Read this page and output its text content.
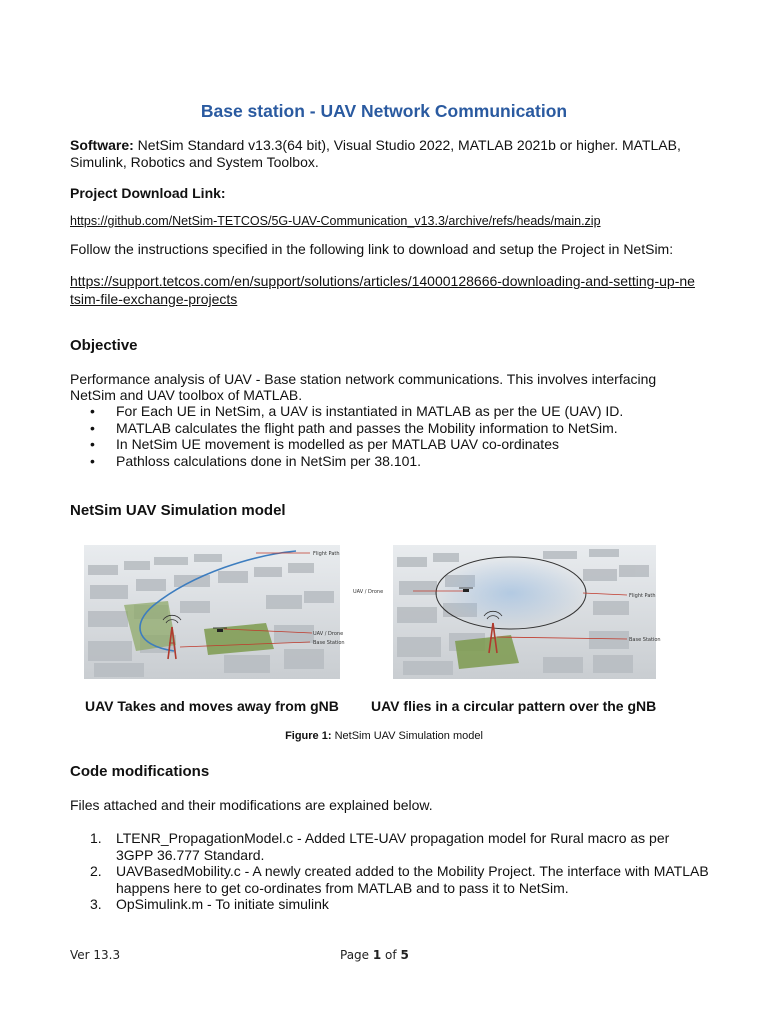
Base station - UAV Network Communication
Software: NetSim Standard v13.3(64 bit), Visual Studio 2022, MATLAB 2021b or higher. MATLAB, Simulink, Robotics and System Toolbox.
Project Download Link:
https://github.com/NetSim-TETCOS/5G-UAV-Communication_v13.3/archive/refs/heads/main.zip
Follow the instructions specified in the following link to download and setup the Project in NetSim:
https://support.tetcos.com/en/support/solutions/articles/14000128666-downloading-and-setting-up-netsim-file-exchange-projects
Objective
Performance analysis of UAV - Base station network communications. This involves interfacing NetSim and UAV toolbox of MATLAB.
• For Each UE in NetSim, a UAV is instantiated in MATLAB as per the UE (UAV) ID.
• MATLAB calculates the flight path and passes the Mobility information to NetSim.
• In NetSim UE movement is modelled as per MATLAB UAV co-ordinates
• Pathloss calculations done in NetSim per 38.101.
NetSim UAV Simulation model
Flight Path
UAV / Drone
Base Station
UAV / Drone
Flight Path
Base Station
UAV Takes and moves away from gNB UAV flies in a circular pattern over the gNB
Figure 1: NetSim UAV Simulation model
Code modifications
Files attached and their modifications are explained below.
1. LTENR_PropagationModel.c - Added LTE-UAV propagation model for Rural macro as per 3GPP 36.777 Standard.
2. UAVBasedMobility.c - A newly created added to the Mobility Project. The interface with MATLAB happens here to get co-ordinates from MATLAB and to pass it to NetSim.
3. OpSimulink.m - To initiate simulink
Ver 13.3	Page 1 of 5
